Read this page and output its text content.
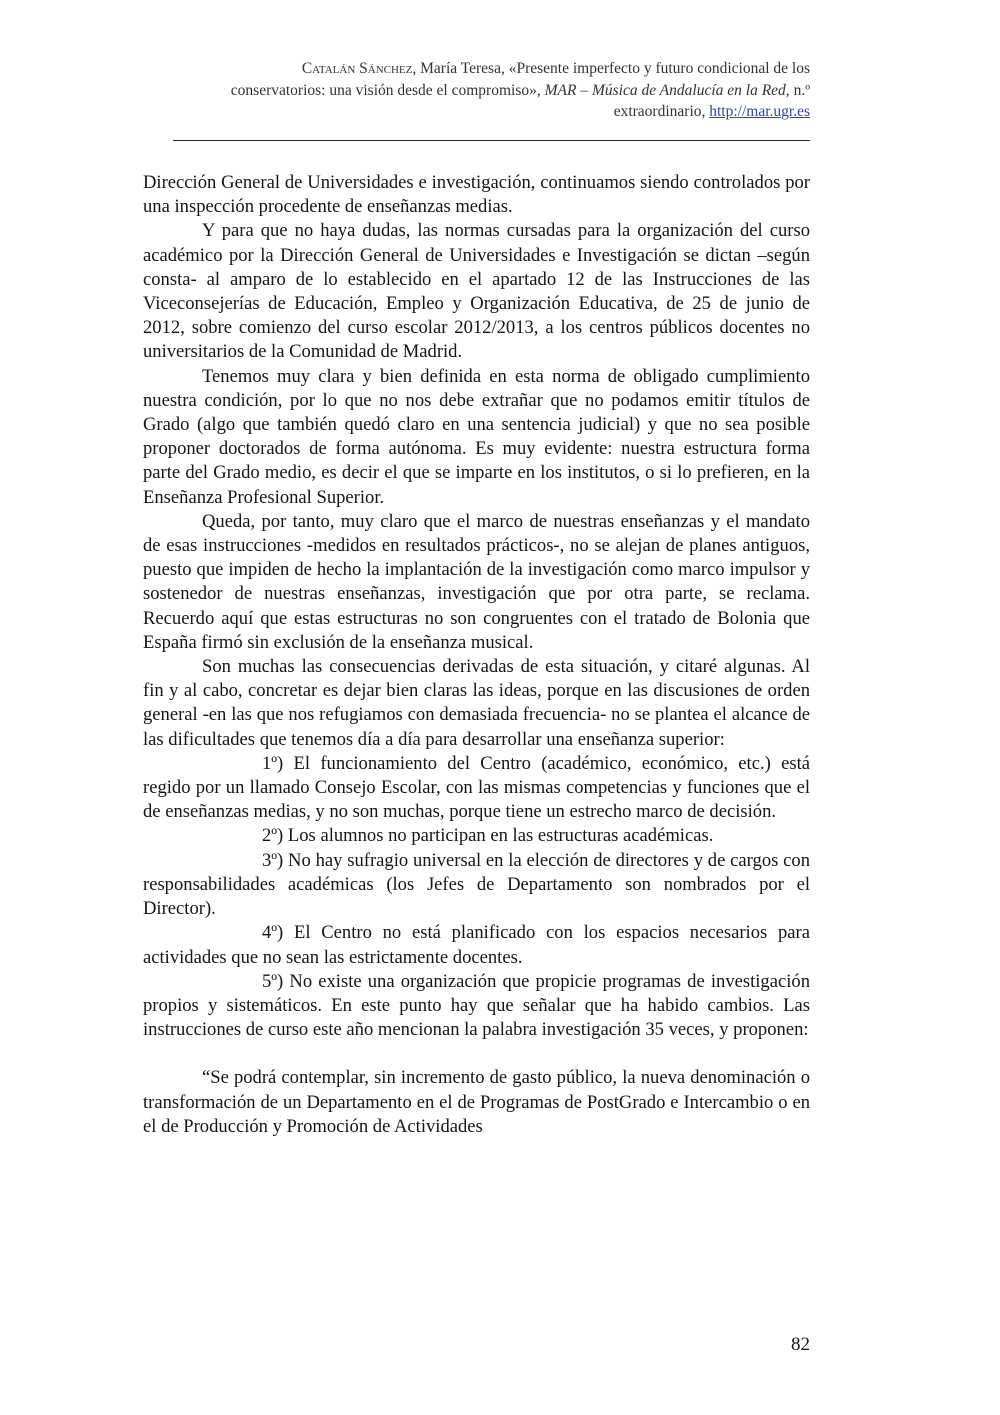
Catalán Sánchez, María Teresa, «Presente imperfecto y futuro condicional de los
conservatorios: una visión desde el compromiso», MAR – Música de Andalucía en la Red, n.º
extraordinario, http://mar.ugr.es

Dirección General de Universidades e investigación, continuamos siendo controlados por una inspección procedente de enseñanzas medias.

Y para que no haya dudas, las normas cursadas para la organización del curso académico por la Dirección General de Universidades e Investigación se dictan –según consta- al amparo de lo establecido en el apartado 12 de las Instrucciones de las Viceconsejerías de Educación, Empleo y Organización Educativa, de 25 de junio de 2012, sobre comienzo del curso escolar 2012/2013, a los centros públicos docentes no universitarios de la Comunidad de Madrid.

Tenemos muy clara y bien definida en esta norma de obligado cumplimiento nuestra condición, por lo que no nos debe extrañar que no podamos emitir títulos de Grado (algo que también quedó claro en una sentencia judicial) y que no sea posible proponer doctorados de forma autónoma. Es muy evidente: nuestra estructura forma parte del Grado medio, es decir el que se imparte en los institutos, o si lo prefieren, en la Enseñanza Profesional Superior.

Queda, por tanto, muy claro que el marco de nuestras enseñanzas y el mandato de esas instrucciones -medidos en resultados prácticos-, no se alejan de planes antiguos, puesto que impiden de hecho la implantación de la investigación como marco impulsor y sostenedor de nuestras enseñanzas, investigación que por otra parte, se reclama. Recuerdo aquí que estas estructuras no son congruentes con el tratado de Bolonia que España firmó sin exclusión de la enseñanza musical.

Son muchas las consecuencias derivadas de esta situación, y citaré algunas. Al fin y al cabo, concretar es dejar bien claras las ideas, porque en las discusiones de orden general -en las que nos refugiamos con demasiada frecuencia- no se plantea el alcance de las dificultades que tenemos día a día para desarrollar una enseñanza superior:

1º) El funcionamiento del Centro (académico, económico, etc.) está regido por un llamado Consejo Escolar, con las mismas competencias y funciones que el de enseñanzas medias, y no son muchas, porque tiene un estrecho marco de decisión.

2º) Los alumnos no participan en las estructuras académicas.

3º) No hay sufragio universal en la elección de directores y de cargos con responsabilidades académicas (los Jefes de Departamento son nombrados por el Director).

4º) El Centro no está planificado con los espacios necesarios para actividades que no sean las estrictamente docentes.

5º) No existe una organización que propicie programas de investigación propios y sistemáticos. En este punto hay que señalar que ha habido cambios. Las instrucciones de curso este año mencionan la palabra investigación 35 veces, y proponen:

“Se podrá contemplar, sin incremento de gasto público, la nueva denominación o transformación de un Departamento en el de Programas de PostGrado e Intercambio o en el de Producción y Promoción de Actividades

82
